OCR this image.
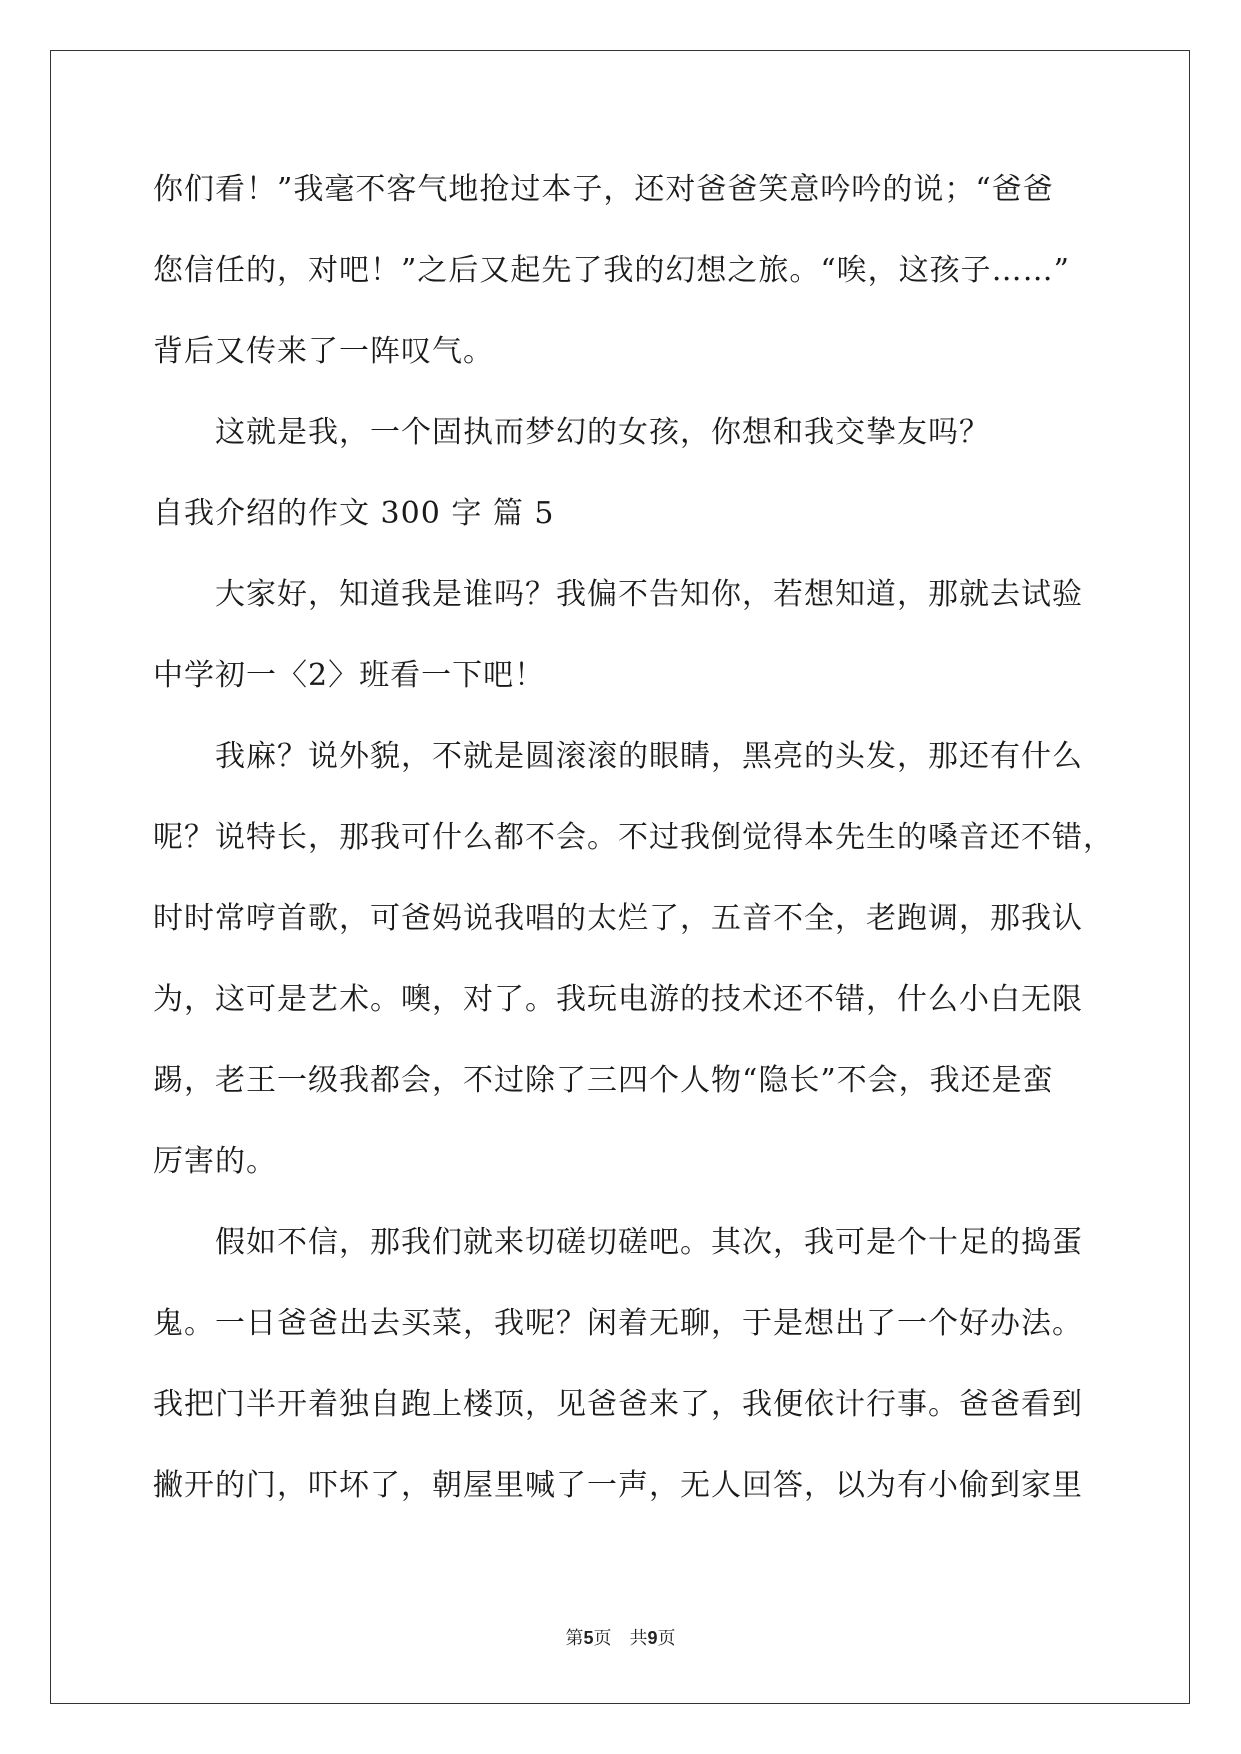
你们看！”我毫不客气地抢过本子，还对爸爸笑意吟吟的说；“爸爸
您信任的，对吧！”之后又起先了我的幻想之旅。“唉，这孩子……”
背后又传来了一阵叹气。
　　这就是我，一个固执而梦幻的女孩，你想和我交挚友吗？
自我介绍的作文 300 字 篇 5
　　大家好，知道我是谁吗？我偏不告知你，若想知道，那就去试验
中学初一〈2〉班看一下吧！
　　我麻？说外貌，不就是圆滚滚的眼睛，黑亮的头发，那还有什么
呢？说特长，那我可什么都不会。不过我倒觉得本先生的嗓音还不错，
时时常哼首歌，可爸妈说我唱的太烂了，五音不全，老跑调，那我认
为，这可是艺术。噢，对了。我玩电游的技术还不错，什么小白无限
踢，老王一级我都会，不过除了三四个人物“隐长”不会，我还是蛮
厉害的。
　　假如不信，那我们就来切磋切磋吧。其次，我可是个十足的捣蛋
鬼。一日爸爸出去买菜，我呢？闲着无聊，于是想出了一个好办法。
我把门半开着独自跑上楼顶，见爸爸来了，我便依计行事。爸爸看到
撇开的门，吓坏了，朝屋里喊了一声，无人回答，以为有小偷到家里
第5页 共9页
